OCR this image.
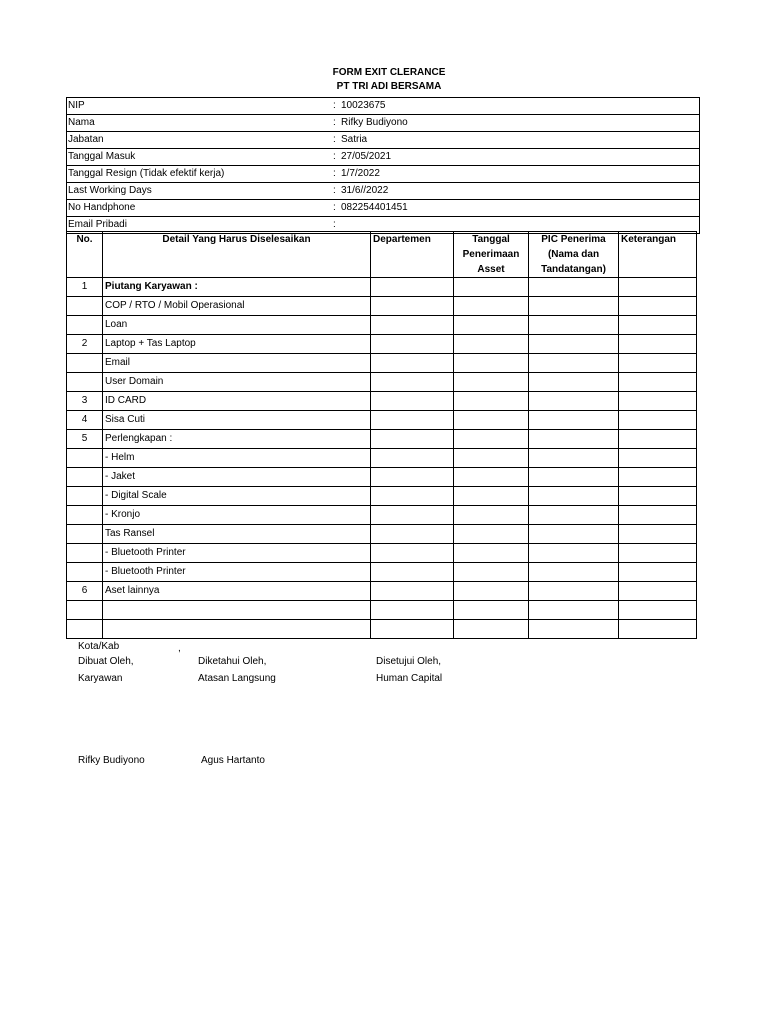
FORM EXIT CLERANCE
PT TRI ADI BERSAMA
NIP	: 10023675
Nama	: Rifky Budiyono
Jabatan	: Satria
Tanggal Masuk	: 27/05/2021
Tanggal Resign (Tidak efektif kerja)	: 1/7/2022
Last Working Days	: 31/6//2022
No Handphone	: 082254401451
Email Pribadi	:
No.	Detail Yang Harus Diselesaikan	Departemen	Tanggal Penerimaan Asset	PIC Penerima (Nama dan Tandatangan)	Keterangan
1	Piutang Karyawan :				
	COP / RTO / Mobil Operasional				
	Loan				
2	Laptop + Tas Laptop				
	Email				
	User Domain				
3	ID CARD				
4	Sisa Cuti				
5	Perlengkapan :				
	- Helm				
	- Jaket				
	- Digital Scale				
	- Kronjo				
	Tas Ransel				
	- Bluetooth Printer				
	- Bluetooth Printer				
6	Aset lainnya				

Kota/Kab	,
Dibuat Oleh,	Diketahui Oleh,	Disetujui Oleh,
Karyawan	Atasan Langsung	Human Capital
Rifky Budiyono	Agus Hartanto
